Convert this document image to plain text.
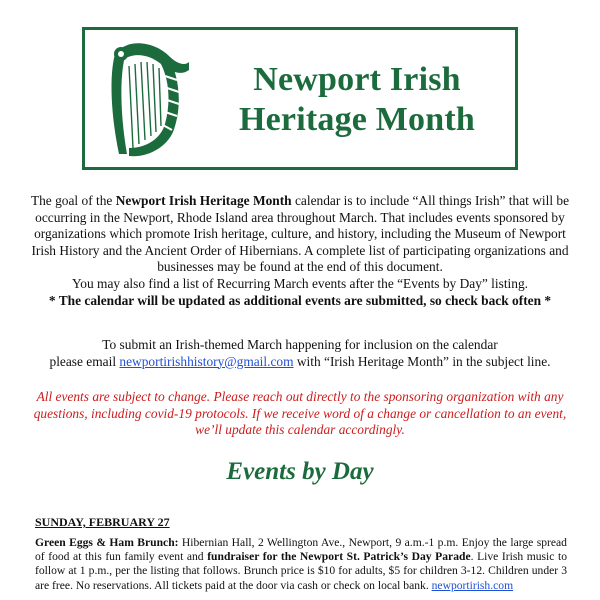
Newport Irish
Heritage Month

The goal of the Newport Irish Heritage Month calendar is to include “All things Irish” that will be occurring in the Newport, Rhode Island area throughout March. That includes events sponsored by organizations which promote Irish heritage, culture, and history, including the Museum of Newport Irish History and the Ancient Order of Hibernians. A complete list of participating organizations and businesses may be found at the end of this document.

You may also find a list of Recurring March events after the “Events by Day” listing.

* The calendar will be updated as additional events are submitted, so check back often *

To submit an Irish-themed March happening for inclusion on the calendar

please email newportirishhistory@gmail.com with “Irish Heritage Month” in the subject line.

All events are subject to change. Please reach out directly to the sponsoring organization with any questions, including covid-19 protocols. If we receive word of a change or cancellation to an event, we’ll update this calendar accordingly.
Events by Day
SUNDAY, FEBRUARY 27
Green Eggs & Ham Brunch: Hibernian Hall, 2 Wellington Ave., Newport, 9 a.m.-1 p.m. Enjoy the large spread of food at this fun family event and fundraiser for the Newport St. Patrick’s Day Parade. Live Irish music to follow at 1 p.m., per the listing that follows. Brunch price is $10 for adults, $5 for children 3-12. Children under 3 are free. No reservations. All tickets paid at the door via cash or check on local bank. newportirish.com
